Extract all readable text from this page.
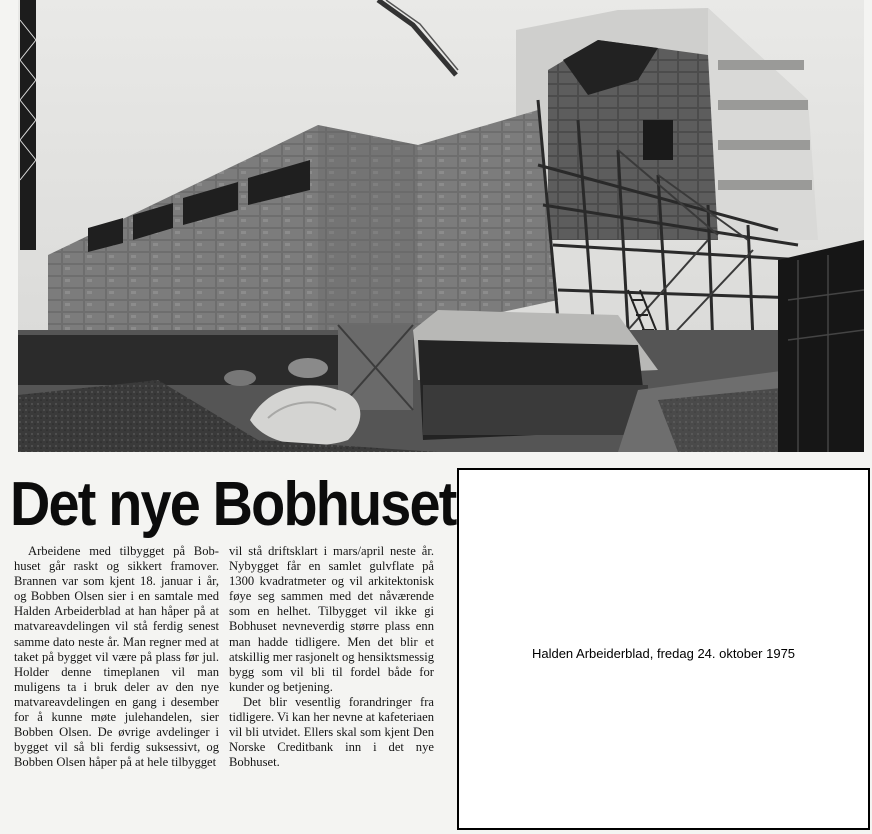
Det nye Bobhuset

Arbeidene med tilbygget på Bob-huset går raskt og sikkert framover. Brannen var som kjent 18. januar i år, og Bobben Olsen sier i en samtale med Halden Arbeiderblad at han håper på at matvareavdelingen vil stå ferdig senest samme dato neste år. Man regner med at taket på bygget vil være på plass før jul. Holder denne timeplanen vil man muligens ta i bruk deler av den nye matvareavdelingen en gang i desember for å kunne møte julehandelen, sier Bobben Olsen. De øvrige avdelinger i bygget vil så bli ferdig suksessivt, og Bobben Olsen håper på at hele tilbygget

vil stå driftsklart i mars/april neste år. Nybygget får en samlet gulvflate på 1300 kvadratmeter og vil arkitektonisk føye seg sammen med det nåværende som en helhet. Tilbygget vil ikke gi Bobhuset nevneverdig større plass enn man hadde tidligere. Men det blir et atskillig mer rasjonelt og hensiktsmessig bygg som vil bli til fordel både for kunder og betjening.

Det blir vesentlig forandringer fra tidligere. Vi kan her nevne at kafeteriaen vil bli utvidet. Ellers skal som kjent Den Norske Creditbank inn i det nye Bobhuset.

Halden Arbeiderblad, fredag 24. oktober 1975
